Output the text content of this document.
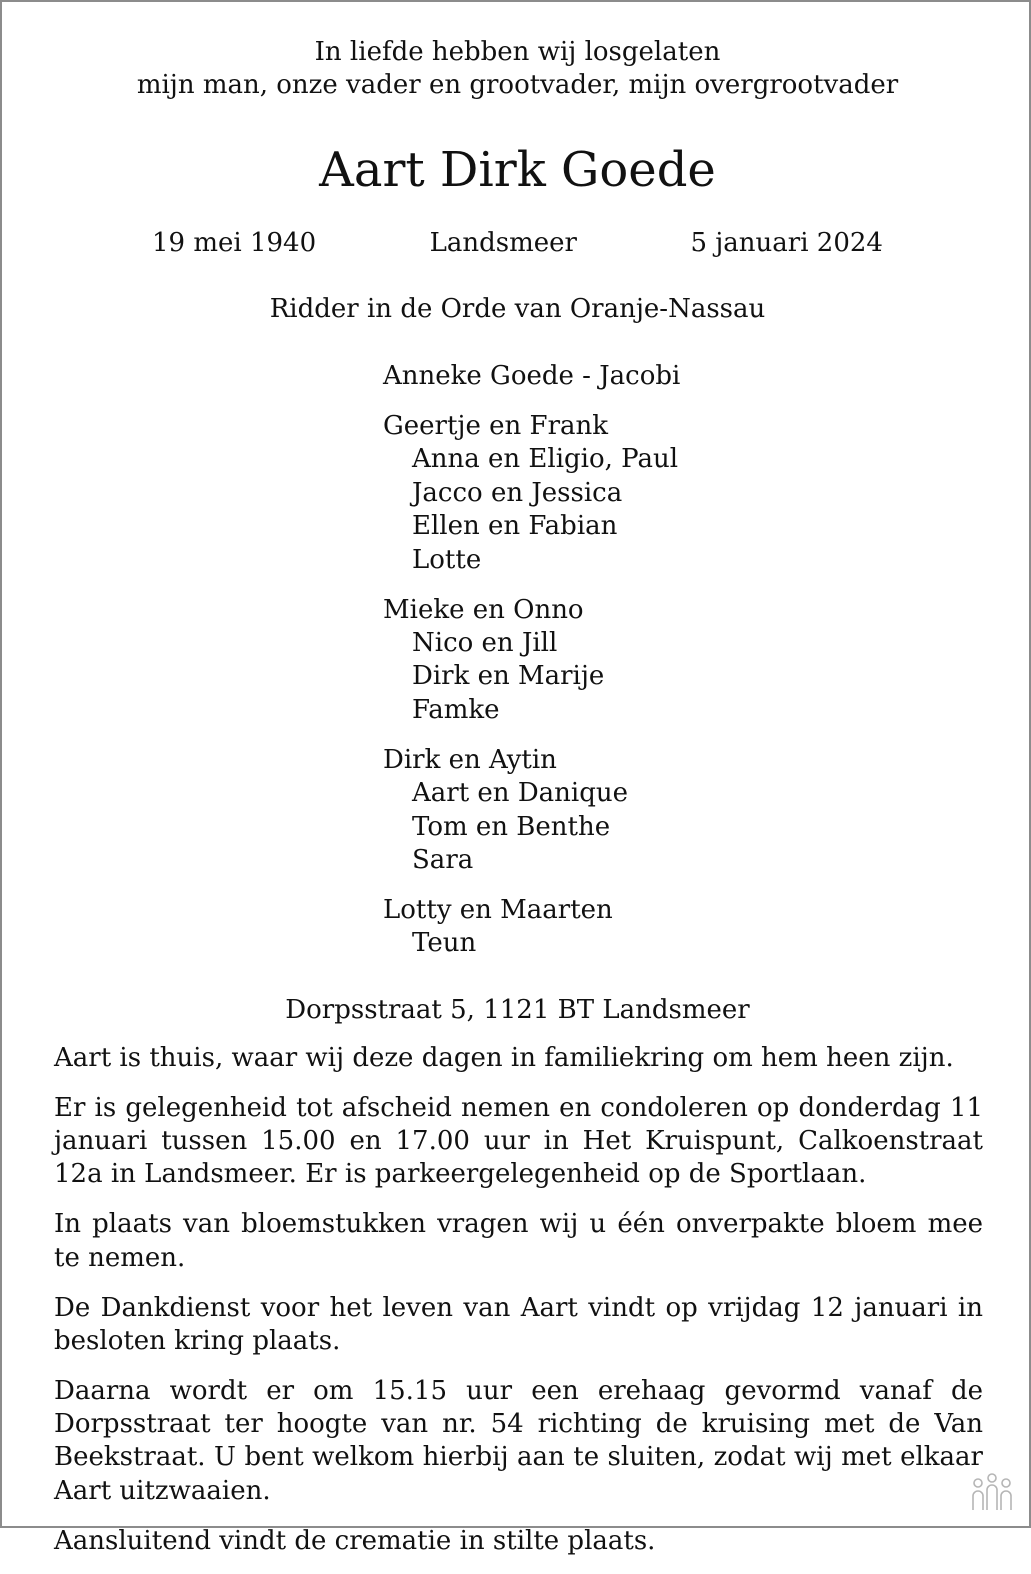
In liefde hebben wij losgelaten
mijn man, onze vader en grootvader, mijn overgrootvader
Aart Dirk Goede
19 mei 1940	Landsmeer	5 januari 2024
Ridder in de Orde van Oranje-Nassau
Anneke Goede - Jacobi
Geertje en Frank
Anna en Eligio, Paul
Jacco en Jessica
Ellen en Fabian
Lotte
Mieke en Onno
Nico en Jill
Dirk en Marije
Famke
Dirk en Aytin
Aart en Danique
Tom en Benthe
Sara
Lotty en Maarten
Teun
Dorpsstraat 5, 1121 BT Landsmeer

Aart is thuis, waar wij deze dagen in familiekring om hem heen zijn.

Er is gelegenheid tot afscheid nemen en condoleren op donderdag 11 januari tussen 15.00 en 17.00 uur in Het Kruispunt, Calkoenstraat 12a in Landsmeer. Er is parkeergelegenheid op de Sportlaan.

In plaats van bloemstukken vragen wij u één onverpakte bloem mee te nemen.

De Dankdienst voor het leven van Aart vindt op vrijdag 12 januari in besloten kring plaats.

Daarna wordt er om 15.15 uur een erehaag gevormd vanaf de Dorpsstraat ter hoogte van nr. 54 richting de kruising met de Van Beekstraat. U bent welkom hierbij aan te sluiten, zodat wij met elkaar Aart uitzwaaien.

Aansluitend vindt de crematie in stilte plaats.
